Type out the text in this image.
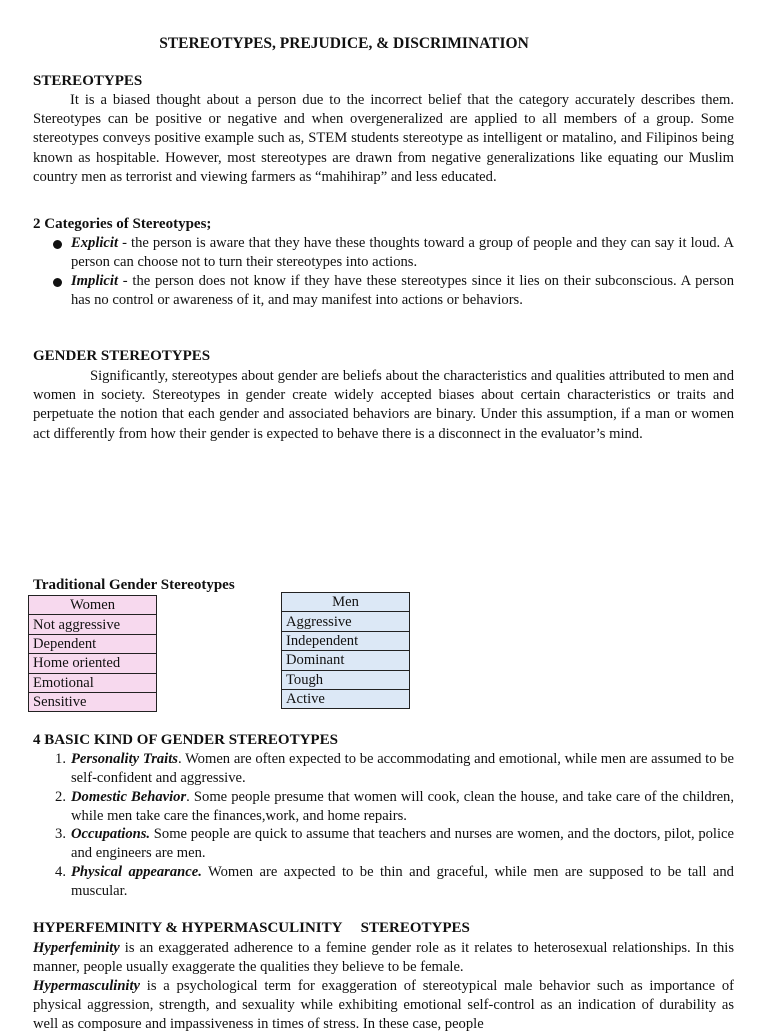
STEREOTYPES, PREJUDICE, & DISCRIMINATION
STEREOTYPES
It is a biased thought about a person due to the incorrect belief that the category accurately describes them. Stereotypes can be positive or negative and when overgeneralized are applied to all members of a group. Some stereotypes conveys positive example such as, STEM students stereotype as intelligent or matalino, and Filipinos being known as hospitable. However, most stereotypes are drawn from negative generalizations like equating our Muslim country men as terrorist and viewing farmers as “mahihirap” and less educated.
2 Categories of Stereotypes;
Explicit - the person is aware that they have these thoughts toward a group of people and they can say it loud. A person can choose not to turn their stereotypes into actions.
Implicit - the person does not know if they have these stereotypes since it lies on their subconscious. A person has no control or awareness of it, and may manifest into actions or behaviors.
GENDER STEREOTYPES
Significantly, stereotypes about gender are beliefs about the characteristics and qualities attributed to men and women in society. Stereotypes in gender create widely accepted biases about certain characteristics or traits and perpetuate the notion that each gender and associated behaviors are binary. Under this assumption, if a man or women act differently from how their gender is expected to behave there is a disconnect in the evaluator’s mind.
Traditional Gender Stereotypes
Women
Not aggressive
Dependent
Home oriented
Emotional
Sensitive
Men
Aggressive
Independent
Dominant
Tough
Active
4 BASIC KIND OF GENDER STEREOTYPES
1. Personality Traits. Women are often expected to be accommodating and emotional, while men are assumed to be self-confident and aggressive.
2. Domestic Behavior. Some people presume that women will cook, clean the house, and take care of the children, while men take care the finances,work, and home repairs.
3. Occupations. Some people are quick to assume that teachers and nurses are women, and the doctors, pilot, police and engineers are men.
4. Physical appearance. Women are axpected to be thin and graceful, while men are supposed to be tall and muscular.
HYPERFEMINITY & HYPERMASCULINITY     STEREOTYPES
Hyperfeminity is an exaggerated adherence to a femine gender role as it relates to heterosexual relationships. In this manner, people usually exaggerate the qualities they believe to be female.
Hypermasculinity is a psychological term for exaggeration of stereotypical male behavior such as importance of physical aggression, strength, and sexuality while exhibiting emotional self-control as an indication of durability as well as composure and impassiveness in times of stress. In these case, people
